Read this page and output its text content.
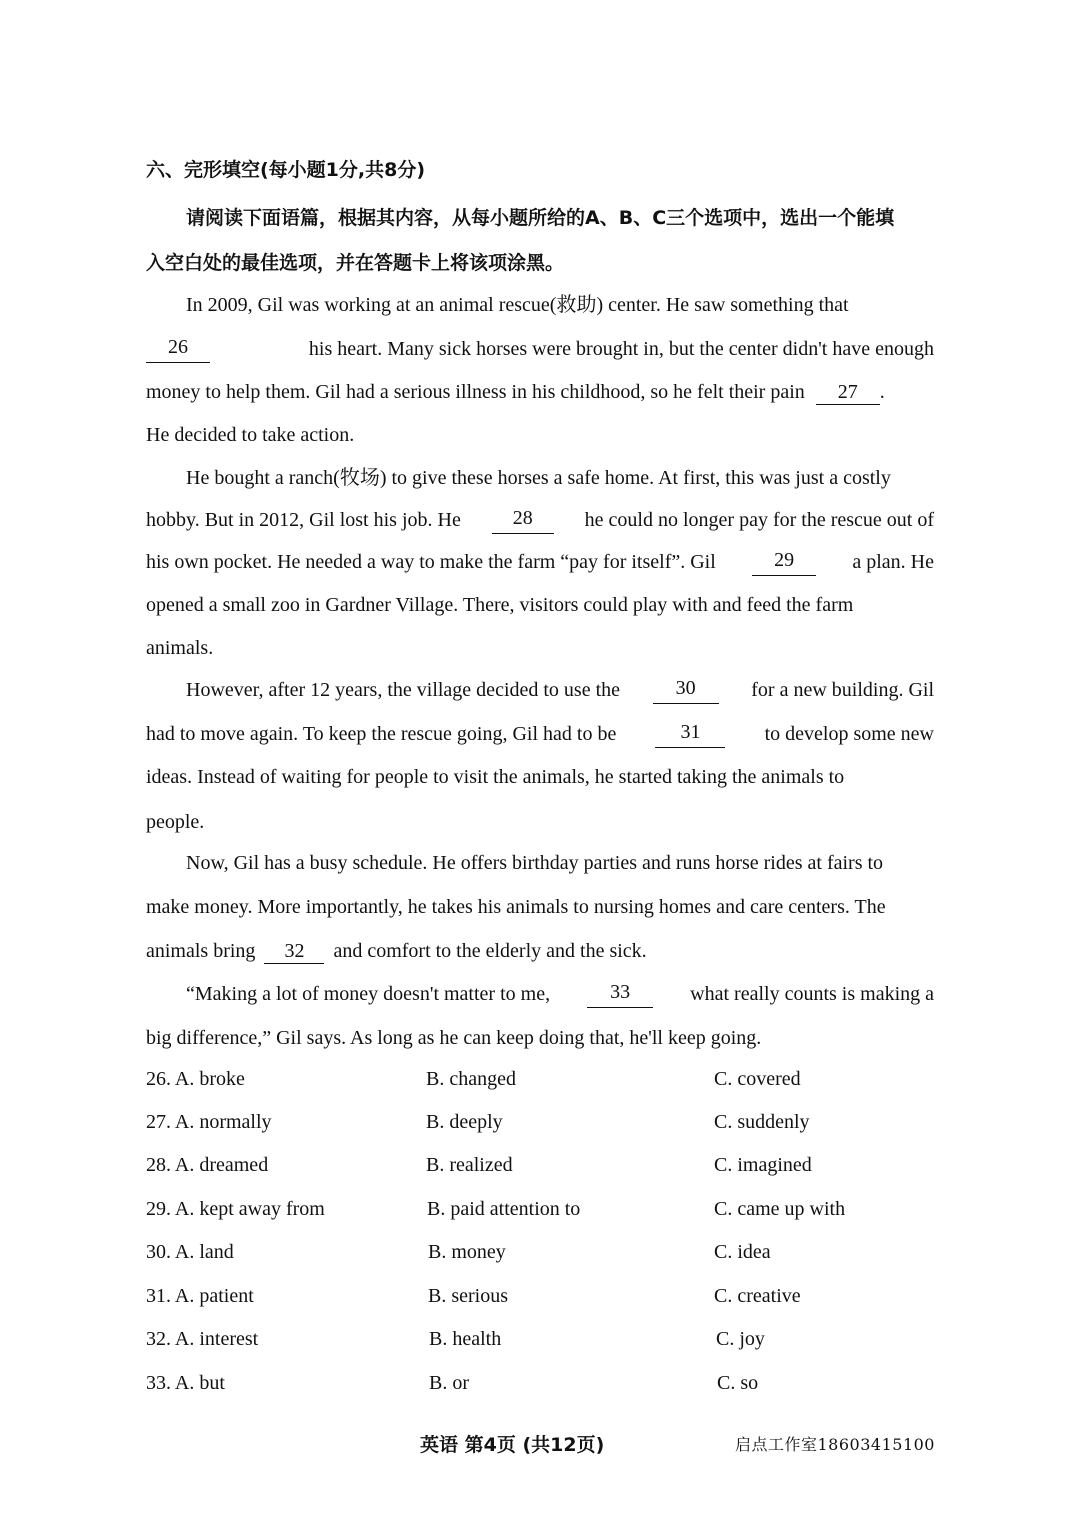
六、完形填空(每小题1分,共8分)
请阅读下面语篇，根据其内容，从每小题所给的A、B、C三个选项中，选出一个能填
入空白处的最佳选项，并在答题卡上将该项涂黑。
In 2009, Gil was working at an animal rescue(救助) center. He saw something that
26	his heart. Many sick horses were brought in, but the center didn't have enough
money to help them. Gil had a serious illness in his childhood, so he felt their pain 27 .
He decided to take action.
He bought a ranch(牧场) to give these horses a safe home. At first, this was just a costly
hobby. But in 2012, Gil lost his job. He	28	he could no longer pay for the rescue out of
his own pocket. He needed a way to make the farm “pay for itself”. Gil	29	a plan. He
opened a small zoo in Gardner Village. There, visitors could play with and feed the farm
animals.
However, after 12 years, the village decided to use the	30	for a new building. Gil
had to move again. To keep the rescue going, Gil had to be	31	to develop some new
ideas. Instead of waiting for people to visit the animals, he started taking the animals to
people.
Now, Gil has a busy schedule. He offers birthday parties and runs horse rides at fairs to
make money. More importantly, he takes his animals to nursing homes and care centers. The
animals bring 32 and comfort to the elderly and the sick.
“Making a lot of money doesn't matter to me,	33	what really counts is making a
big difference,” Gil says. As long as he can keep doing that, he'll keep going.
26. A. broke	B. changed	C. covered
27. A. normally	B. deeply	C. suddenly
28. A. dreamed	B. realized	C. imagined
29. A. kept away from	B. paid attention to	C. came up with
30. A. land	B. money	C. idea
31. A. patient	B. serious	C. creative
32. A. interest	B. health	C. joy
33. A. but	B. or	C. so
英语 第4页 (共12页)	启点工作室18603415100
